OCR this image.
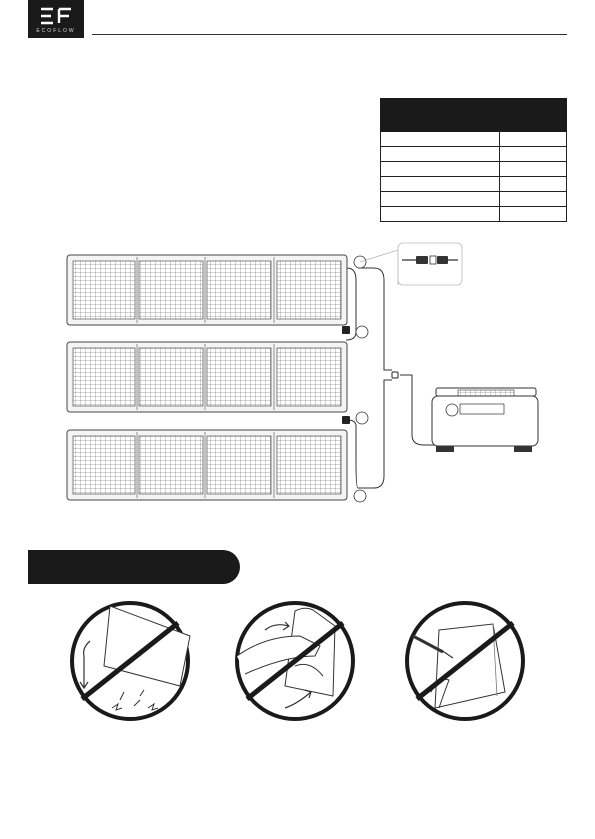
ECOFLOW
